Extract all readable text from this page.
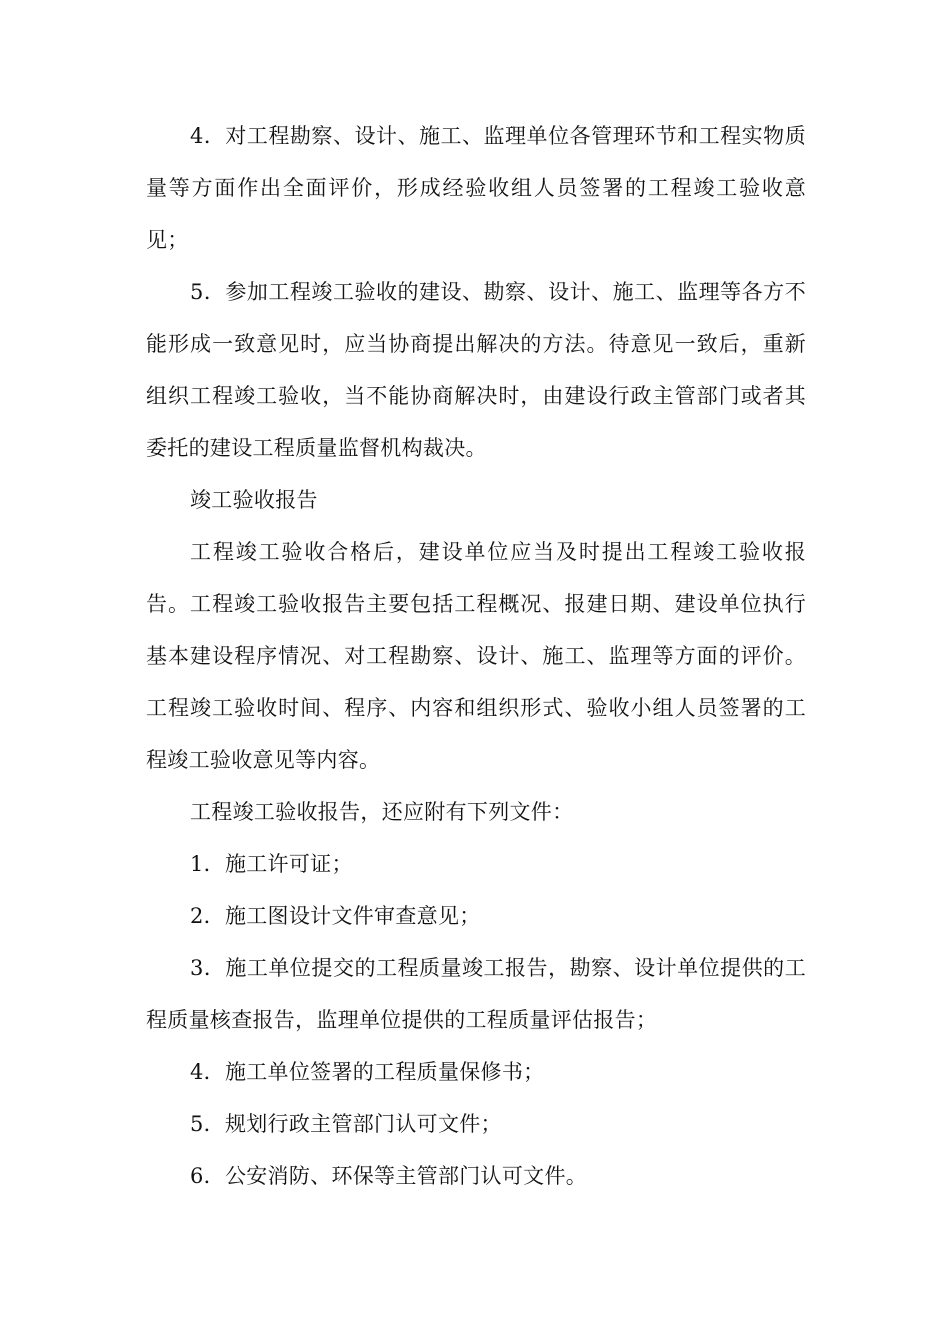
4．对工程勘察、设计、施工、监理单位各管理环节和工程实物质量等方面作出全面评价，形成经验收组人员签署的工程竣工验收意见；

5．参加工程竣工验收的建设、勘察、设计、施工、监理等各方不能形成一致意见时，应当协商提出解决的方法。待意见一致后，重新组织工程竣工验收，当不能协商解决时，由建设行政主管部门或者其委托的建设工程质量监督机构裁决。

竣工验收报告

工程竣工验收合格后，建设单位应当及时提出工程竣工验收报告。工程竣工验收报告主要包括工程概况、报建日期、建设单位执行基本建设程序情况、对工程勘察、设计、施工、监理等方面的评价。工程竣工验收时间、程序、内容和组织形式、验收小组人员签署的工程竣工验收意见等内容。

工程竣工验收报告，还应附有下列文件：

1．施工许可证；

2．施工图设计文件审查意见；

3．施工单位提交的工程质量竣工报告，勘察、设计单位提供的工程质量核查报告，监理单位提供的工程质量评估报告；

4．施工单位签署的工程质量保修书；

5．规划行政主管部门认可文件；

6．公安消防、环保等主管部门认可文件。
